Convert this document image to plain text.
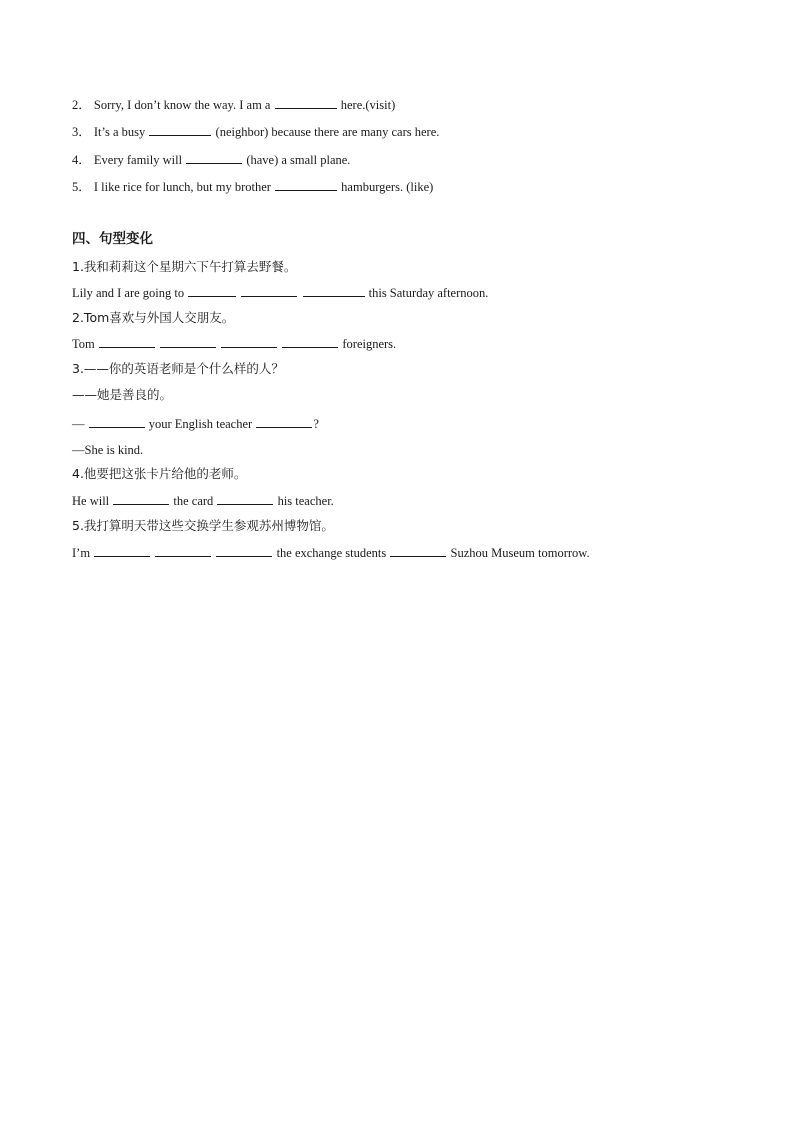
2． Sorry, I don’t know the way. I am a	here.(visit)
3． It’s a busy	(neighbor) because there are many cars here.
4． Every family will	(have) a small plane.
5． I like rice for lunch, but my brother	hamburgers. (like)
四、句型变化
1.我和莉莉这个星期六下午打算去野餐。
Lily and I are going to	this Saturday afternoon.
2.Tom喜欢与外国人交朋友。
Tom	foreigners.
3.——你的英语老师是个什么样的人？
——她是善良的。
—	your English teacher	?
—She is kind.
4.他要把这张卡片给他的老师。
He will	the card	his teacher.
5.我打算明天带这些交换学生参观苏州博物馆。
I’m	the exchange students	Suzhou Museum tomorrow.
